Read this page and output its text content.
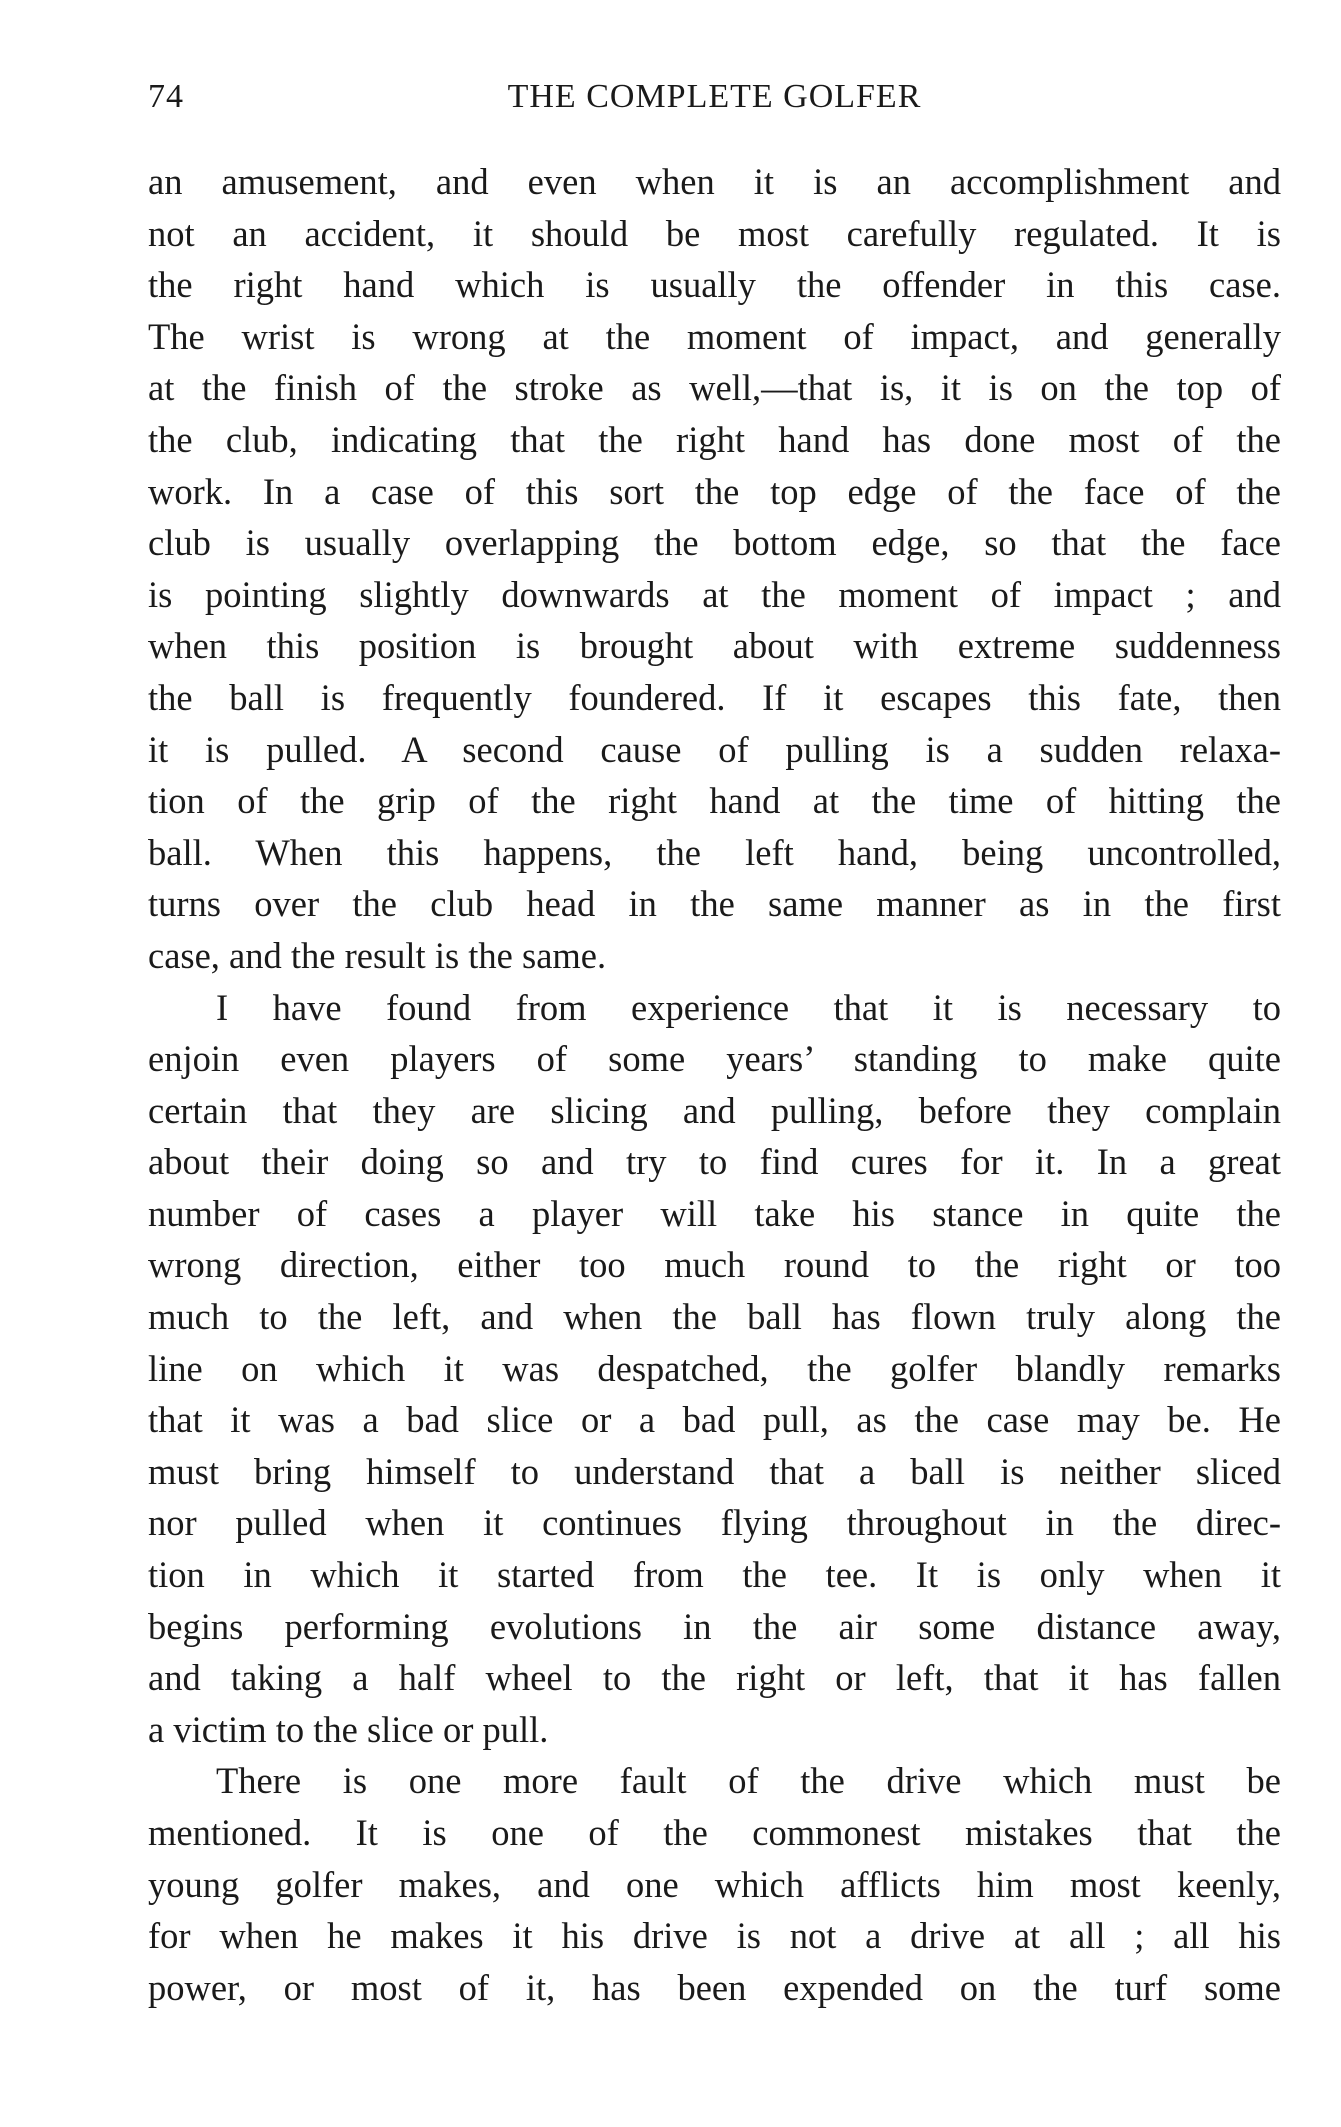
74	THE COMPLETE GOLFER
an amusement, and even when it is an accomplishment and
not an accident, it should be most carefully regulated. It is
the right hand which is usually the offender in this case.
The wrist is wrong at the moment of impact, and generally
at the finish of the stroke as well,—that is, it is on the top of
the club, indicating that the right hand has done most of the
work. In a case of this sort the top edge of the face of the
club is usually overlapping the bottom edge, so that the face
is pointing slightly downwards at the moment of impact ; and
when this position is brought about with extreme suddenness
the ball is frequently foundered. If it escapes this fate, then
it is pulled. A second cause of pulling is a sudden relaxa-
tion of the grip of the right hand at the time of hitting the
ball. When this happens, the left hand, being uncontrolled,
turns over the club head in the same manner as in the first
case, and the result is the same.
I have found from experience that it is necessary to
enjoin even players of some years’ standing to make quite
certain that they are slicing and pulling, before they complain
about their doing so and try to find cures for it. In a great
number of cases a player will take his stance in quite the
wrong direction, either too much round to the right or too
much to the left, and when the ball has flown truly along the
line on which it was despatched, the golfer blandly remarks
that it was a bad slice or a bad pull, as the case may be. He
must bring himself to understand that a ball is neither sliced
nor pulled when it continues flying throughout in the direc-
tion in which it started from the tee. It is only when it
begins performing evolutions in the air some distance away,
and taking a half wheel to the right or left, that it has fallen
a victim to the slice or pull.
There is one more fault of the drive which must be
mentioned. It is one of the commonest mistakes that the
young golfer makes, and one which afflicts him most keenly,
for when he makes it his drive is not a drive at all ; all his
power, or most of it, has been expended on the turf some
